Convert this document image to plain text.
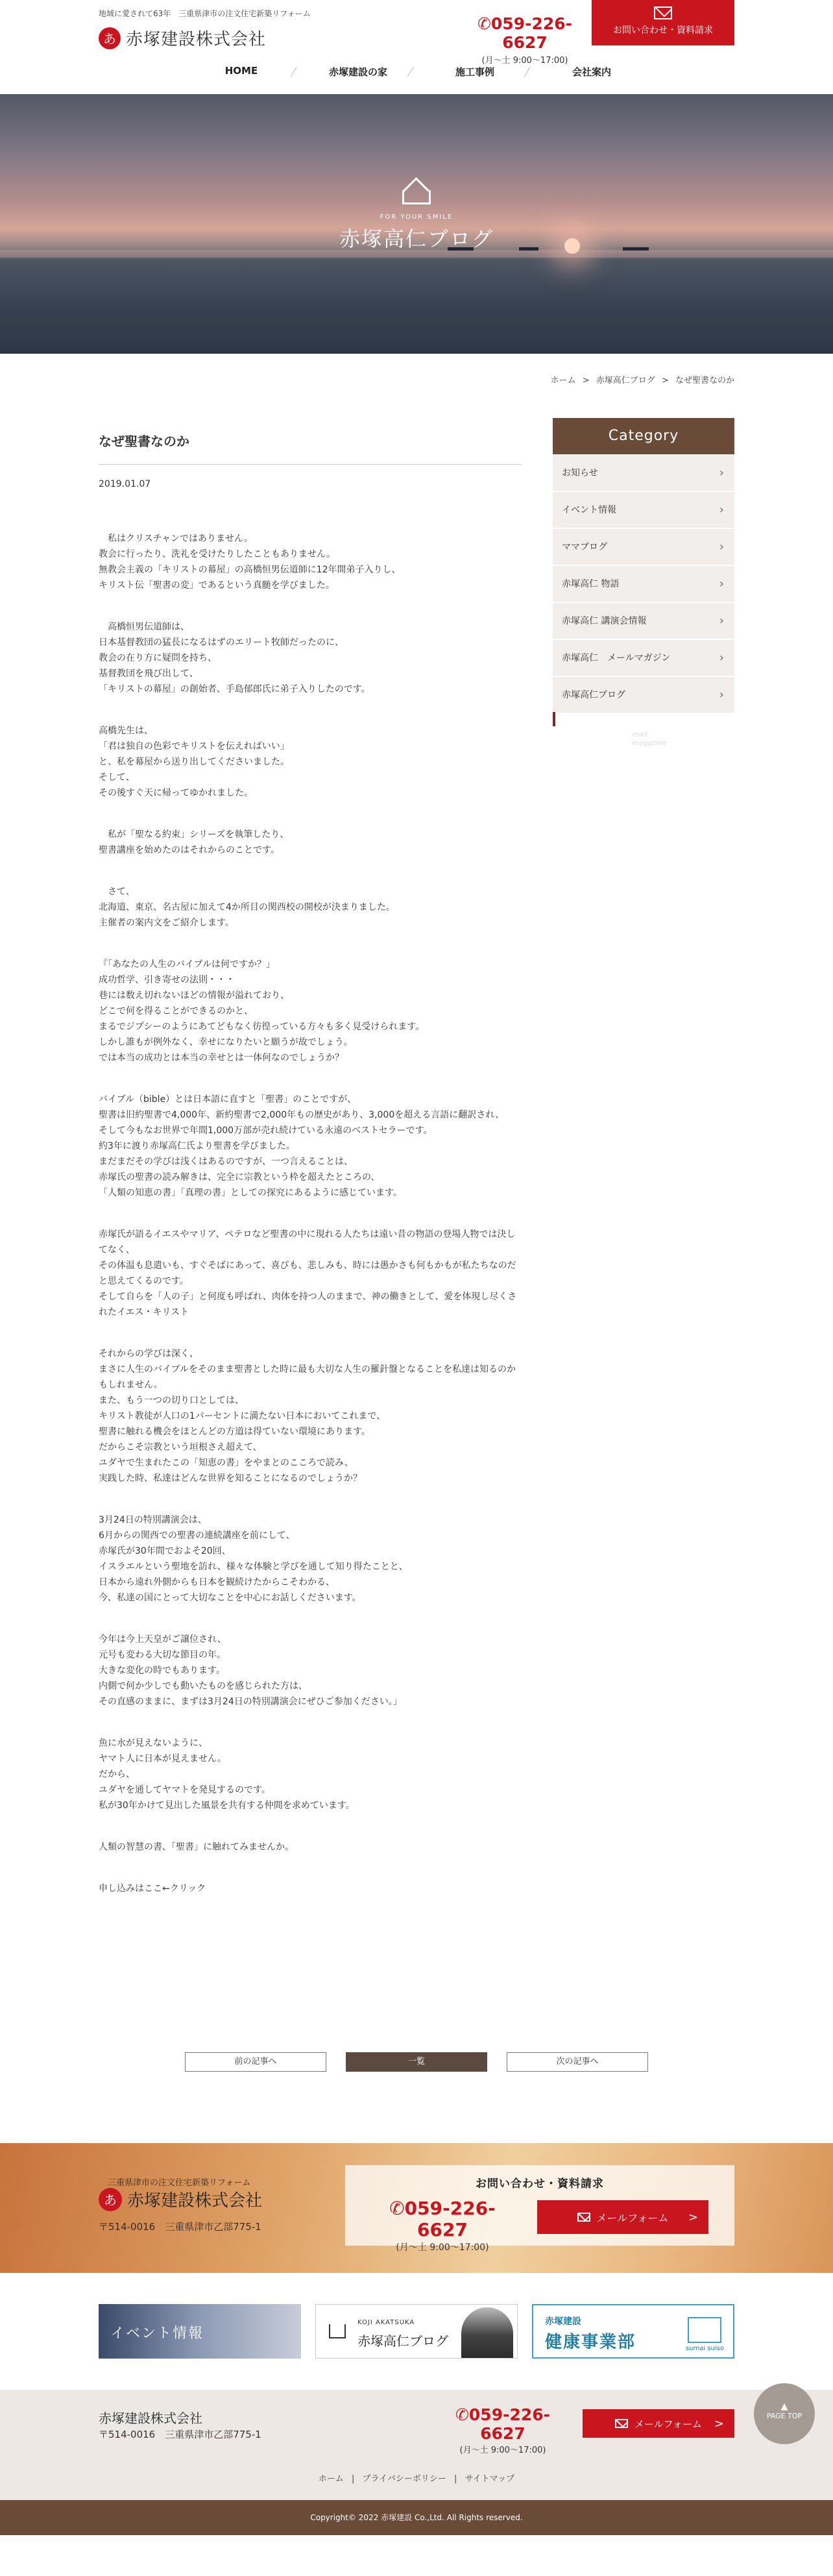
地域に愛されて63年　三重県津市の注文住宅新築リフォーム
あ 赤塚建設株式会社
✆059-226-6627
(月〜土 9:00〜17:00)
お問い合わせ・資料請求
HOME	赤塚建設の家	施工事例	会社案内
FOR YOUR SMILE
赤塚高仁ブログ
ホーム > 赤塚高仁ブログ > なぜ聖書なのか
なぜ聖書なのか
2019.01.07

　私はクリスチャンではありません。
教会に行ったり、洗礼を受けたりしたこともありません。
無教会主義の「キリストの幕屋」の高橋恒男伝道師に12年間弟子入りし、
キリスト伝「聖書の変」であるという真髄を学びました。

　高橋恒男伝道師は、
日本基督教団の猛長になるはずのエリート牧師だったのに、
教会の在り方に疑問を持ち、
基督教団を飛び出して、
「キリストの幕屋」の創始者、手島郁郎氏に弟子入りしたのです。

高橋先生は、
「君は独自の色彩でキリストを伝えればいい」
と、私を幕屋から送り出してくださいました。
そして、
その後すぐ天に帰ってゆかれました。

　私が「聖なる約束」シリーズを執筆したり、
聖書講座を始めたのはそれからのことです。

　さて、
北海道、東京、名古屋に加えて4か所目の関西校の開校が決まりました。
主催者の案内文をご紹介します。

『「あなたの人生のバイブルは何ですか？」
成功哲学、引き寄せの法則・・・
巷には数え切れないほどの情報が溢れており、
どこで何を得ることができるのかと、
まるでジプシーのようにあてどもなく彷徨っている方々も多く見受けられます。
しかし誰もが例外なく、幸せになりたいと願うが故でしょう。
では本当の成功とは本当の幸せとは一体何なのでしょうか？

バイブル（bible）とは日本語に直すと「聖書」のことですが、
聖書は旧約聖書で4,000年、新約聖書で2,000年もの歴史があり、3,000を超える言語に翻訳され、
そして今もなお世界で年間1,000万部が売れ続けている永遠のベストセラーです。
約3年に渡り赤塚高仁氏より聖書を学びました。
まだまだその学びは浅くはあるのですが、一つ言えることは、
赤塚氏の聖書の読み解きは、完全に宗教という枠を超えたところの、
「人類の知恵の書」「真理の書」としての探究にあるように感じています。

赤塚氏が語るイエスやマリア、ペテロなど聖書の中に現れる人たちは遠い昔の物語の登場人物では決してなく、
その体温も息遣いも、すぐそばにあって、喜びも、悲しみも、時には愚かさも何もかもが私たちなのだと思えてくるのです。
そして自らを「人の子」と何度も呼ばれ、肉体を持つ人のままで、神の働きとして、愛を体現し尽くされたイエス・キリスト

それからの学びは深く、
まさに人生のバイブルをそのまま聖書とした時に最も大切な人生の羅針盤となることを私達は知るのかもしれません。
また、もう一つの切り口としては、
キリスト教徒が人口の1パーセントに満たない日本においてこれまで、
聖書に触れる機会をほとんどの方道は得ていない環境にあります。
だからこそ宗教という垣根さえ超えて、
ユダヤで生まれたこの「知恵の書」をやまとのこころで読み、
実践した時、私達はどんな世界を知ることになるのでしょうか？

3月24日の特別講演会は、
6月からの関西での聖書の連続講座を前にして、
赤塚氏が30年間でおよそ20回、
イスラエルという聖地を訪れ、様々な体験と学びを通して知り得たことと、
日本から遠れ外側からも日本を観続けたからこそわかる、
今、私達の国にとって大切なことを中心にお話しくださいます。

今年は今上天皇がご譲位され、
元号も変わる大切な節目の年。
大きな変化の時でもあります。
内側で何か少しでも動いたものを感じられた方は、
その直感のままに、まずは3月24日の特別講演会にぜひご参加ください。」

魚に水が見えないように、
ヤマト人に日本が見えません。
だから、
ユダヤを通してヤマトを発見するのです。
私が30年かけて見出した風景を共有する仲間を求めています。

人類の智慧の書、「聖書」に触れてみませんか。

申し込みはここ←クリック

Category
お知らせ ›
イベント情報 ›
ママブログ ›
赤塚高仁 物語 ›
赤塚高仁 講演会情報 ›
赤塚高仁　メールマガジン ›
赤塚高仁ブログ ›
mail magazine
赤塚高仁 メールマガジン
前の記事へ	一覧	次の記事へ
三重県津市の注文住宅新築リフォーム
あ 赤塚建設株式会社
〒514-0016　三重県津市乙部775-1
お問い合わせ・資料請求
✆059-226-6627
(月〜土 9:00〜17:00)
メールフォーム >
イベント情報
KOJI AKATSUKA
赤塚高仁ブログ
赤塚建設
健康事業部	sumai suiso
赤塚建設株式会社
〒514-0016　三重県津市乙部775-1
✆059-226-6627
(月〜土 9:00〜17:00)
メールフォーム >
▲
PAGE TOP
ホーム | プライバシーポリシー | サイトマップ
Copyright© 2022 赤塚建設 Co.,Ltd. All Rights reserved.
